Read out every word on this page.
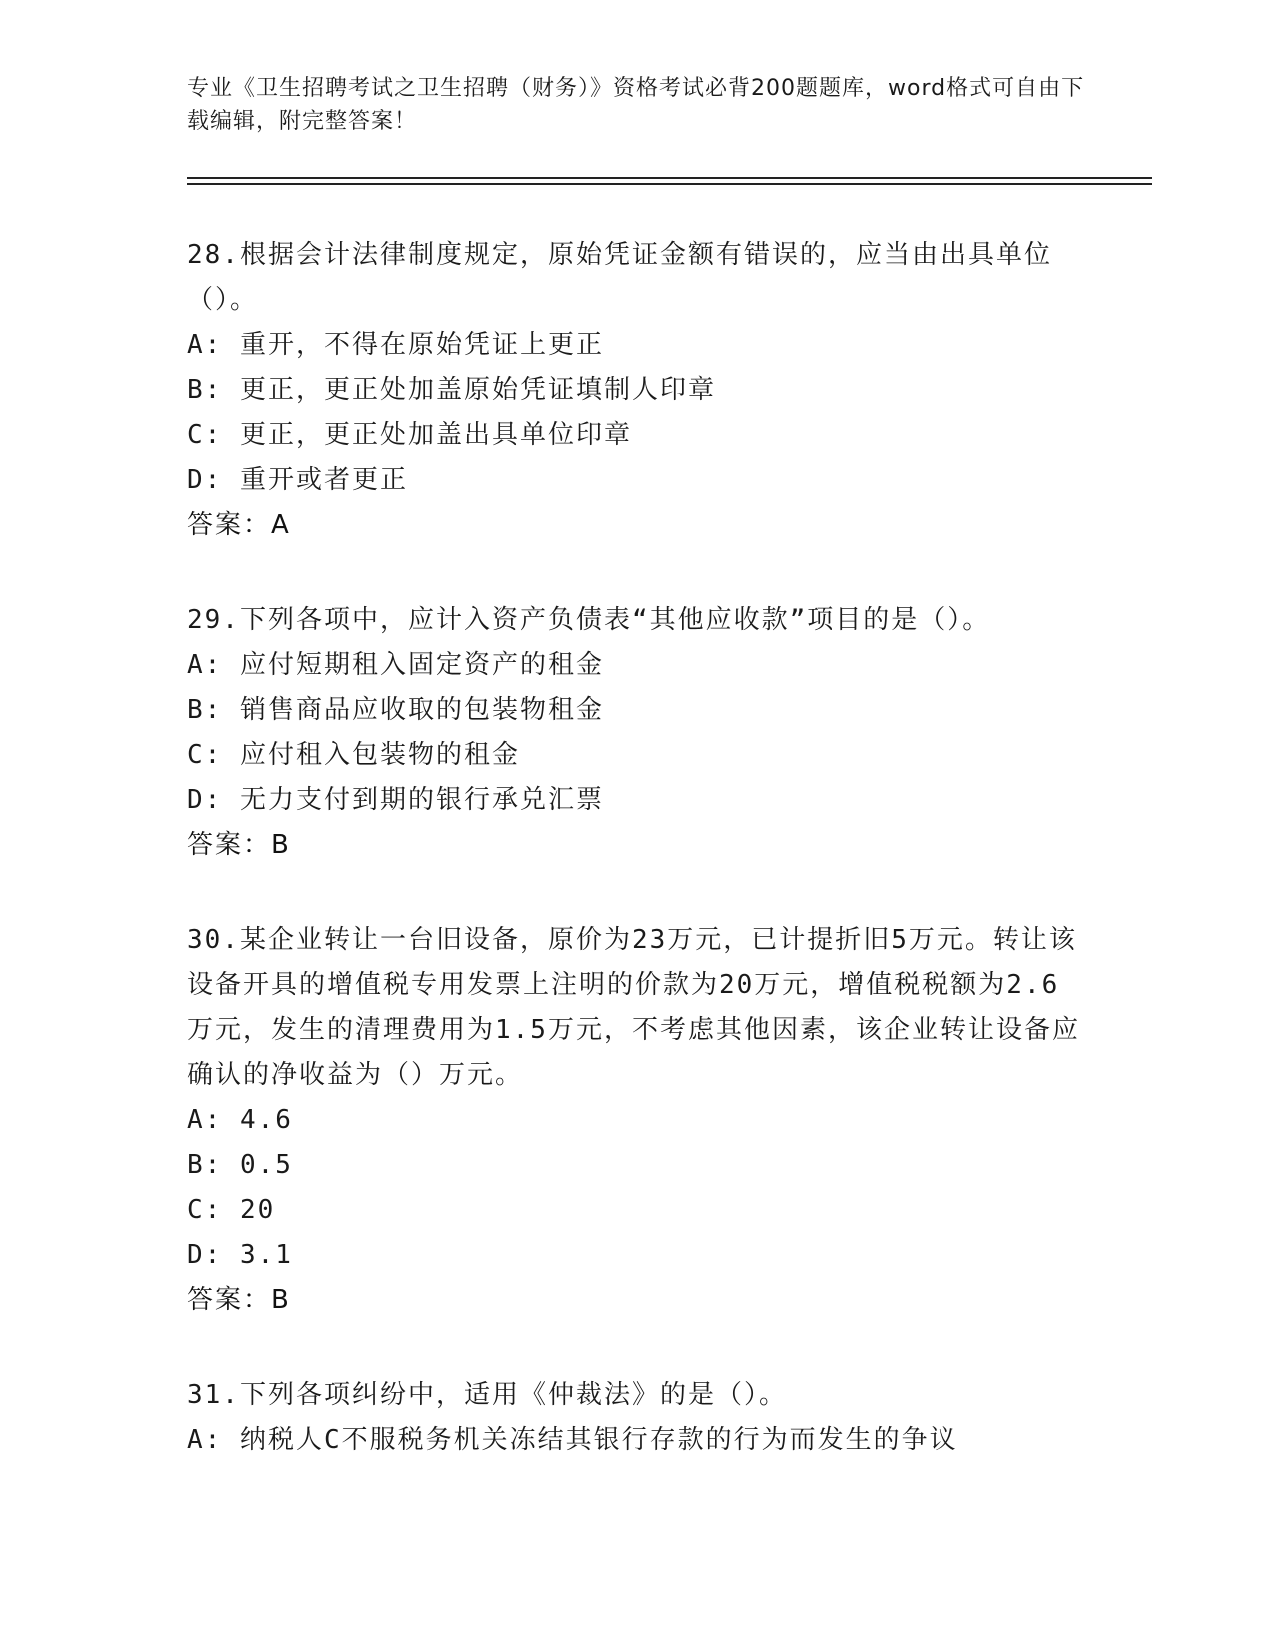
专业《卫生招聘考试之卫生招聘（财务）》资格考试必背200题题库，word格式可自由下载编辑，附完整答案！
28.根据会计法律制度规定，原始凭证金额有错误的，应当由出具单位（）。
A: 重开，不得在原始凭证上更正
B: 更正，更正处加盖原始凭证填制人印章
C: 更正，更正处加盖出具单位印章
D: 重开或者更正
答案：A
29.下列各项中，应计入资产负债表“其他应收款”项目的是（）。
A: 应付短期租入固定资产的租金
B: 销售商品应收取的包装物租金
C: 应付租入包装物的租金
D: 无力支付到期的银行承兑汇票
答案：B
30.某企业转让一台旧设备，原价为23万元，已计提折旧5万元。转让该设备开具的增值税专用发票上注明的价款为20万元，增值税税额为2.6万元，发生的清理费用为1.5万元，不考虑其他因素，该企业转让设备应确认的净收益为（）万元。
A: 4.6
B: 0.5
C: 20
D: 3.1
答案：B
31.下列各项纠纷中，适用《仲裁法》的是（）。
A: 纳税人C不服税务机关冻结其银行存款的行为而发生的争议
